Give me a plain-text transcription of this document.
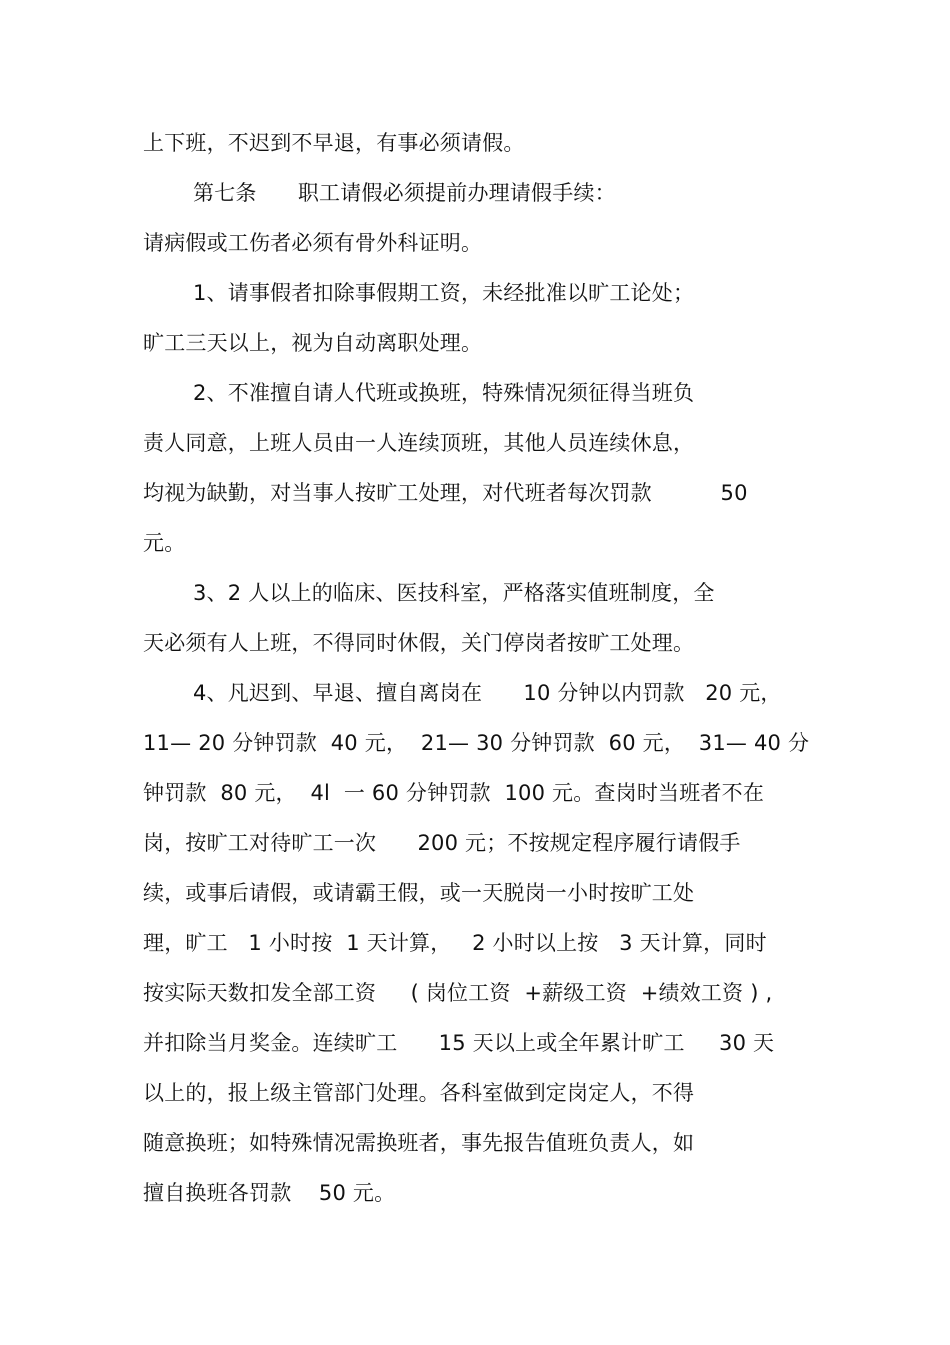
上下班，不迟到不早退，有事必须请假。
第七条      职工请假必须提前办理请假手续：
请病假或工伤者必须有骨外科证明。
1、请事假者扣除事假期工资，未经批准以旷工论处；
旷工三天以上，视为自动离职处理。
2、不准擅自请人代班或换班，特殊情况须征得当班负
责人同意，上班人员由一人连续顶班，其他人员连续休息，
均视为缺勤，对当事人按旷工处理，对代班者每次罚款          50
元。
3、2 人以上的临床、医技科室，严格落实值班制度，全
天必须有人上班，不得同时休假，关门停岗者按旷工处理。
4、凡迟到、早退、擅自离岗在      10 分钟以内罚款   20 元，
11— 20 分钟罚款  40 元，  21— 30 分钟罚款  60 元，  31— 40 分
钟罚款  80 元，  4l  一 60 分钟罚款  100 元。查岗时当班者不在
岗，按旷工对待旷工一次      200 元；不按规定程序履行请假手
续，或事后请假，或请霸王假，或一天脱岗一小时按旷工处
理，旷工   1 小时按  1 天计算，   2 小时以上按   3 天计算，同时
按实际天数扣发全部工资     ( 岗位工资  +薪级工资  +绩效工资 ) ,
并扣除当月奖金。连续旷工      15 天以上或全年累计旷工     30 天
以上的，报上级主管部门处理。各科室做到定岗定人，不得
随意换班；如特殊情况需换班者，事先报告值班负责人，如
擅自换班各罚款    50 元。
